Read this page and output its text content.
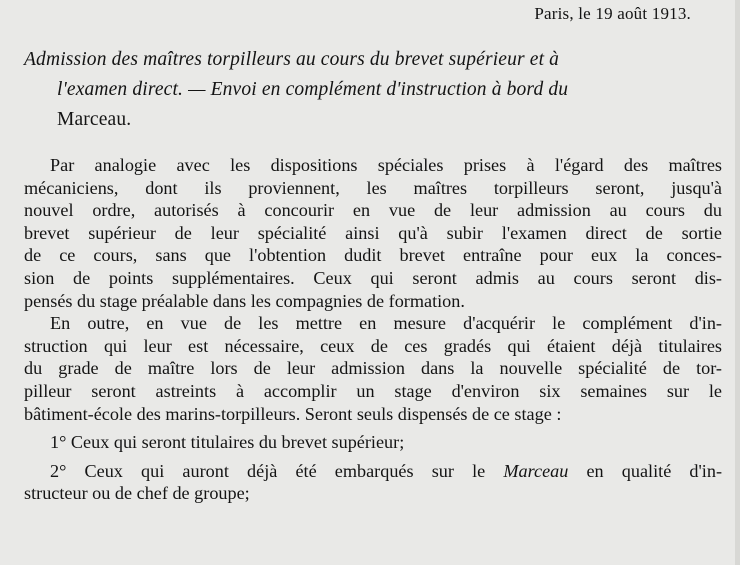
Paris, le 19 août 1913.
Admission des maîtres torpilleurs au cours du brevet supérieur et à
l'examen direct. — Envoi en complément d'instruction à bord du
Marceau.
Par analogie avec les dispositions spéciales prises à l'égard des maîtres
mécaniciens, dont ils proviennent, les maîtres torpilleurs seront, jusqu'à
nouvel ordre, autorisés à concourir en vue de leur admission au cours du
brevet supérieur de leur spécialité ainsi qu'à subir l'examen direct de sortie
de ce cours, sans que l'obtention dudit brevet entraîne pour eux la conces-
sion de points supplémentaires. Ceux qui seront admis au cours seront dis-
pensés du stage préalable dans les compagnies de formation.
En outre, en vue de les mettre en mesure d'acquérir le complément d'in-
struction qui leur est nécessaire, ceux de ces gradés qui étaient déjà titulaires
du grade de maître lors de leur admission dans la nouvelle spécialité de tor-
pilleur seront astreints à accomplir un stage d'environ six semaines sur le
bâtiment-école des marins-torpilleurs. Seront seuls dispensés de ce stage :
1° Ceux qui seront titulaires du brevet supérieur;
2° Ceux qui auront déjà été embarqués sur le Marceau en qualité d'in-
structeur ou de chef de groupe;
